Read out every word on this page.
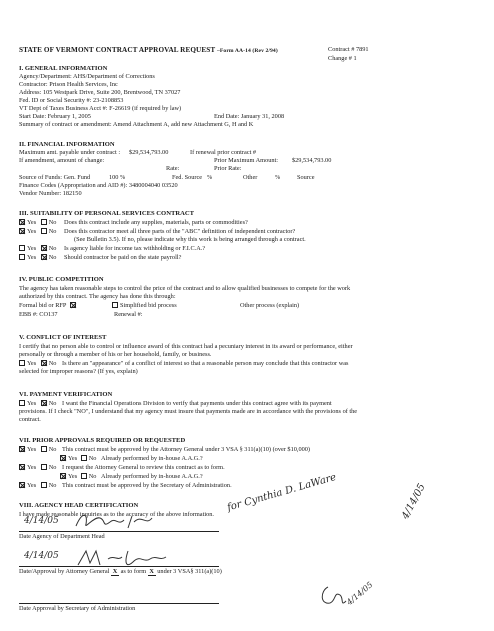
STATE OF VERMONT CONTRACT APPROVAL REQUEST –Form AA-14 (Rev 2/94)	Contract # 7891
Change # 1
I. GENERAL INFORMATION
Agency/Department: AHS/Department of Corrections
Contractor: Prison Health Services, Inc
Address: 105 Westpark Drive, Suite 200, Brentwood, TN 37027
Fed. ID or Social Security #: 23-2108853
VT Dept of Taxes Business Acct #: F-26619 (if required by law)
Start Date: February 1, 2005	End Date: January 31, 2008
Summary of contract or amendment: Amend Attachment A, add new Attachment G, H and K
II. FINANCIAL INFORMATION
Maximum amt. payable under contract : $29,534,793.00	If renewal prior contract #
If amendment, amount of change:	Prior Maximum Amount: $29,534,793.00
Rate:	Prior Rate:
Source of Funds: Gen. Fund	100 %	Fed. Source %	Other	%	Source
Finance Codes (Appropriation and AID #): 3480004040 03520
Vendor Number: 182150
III. SUITABILITY OF PERSONAL SERVICES CONTRACT
Yes No Does this contract include any supplies, materials, parts or commodities?
Yes No Does this contractor meet all three parts of the "ABC" definition of independent contractor?
(See Bulletin 3.5). If no, please indicate why this work is being arranged through a contract.
Yes No Is agency liable for income tax withholding or F.I.C.A.?
Yes No Should contractor be paid on the state payroll?
IV. PUBLIC COMPETITION
The agency has taken reasonable steps to control the price of the contract and to allow qualified businesses to compete for the work
authorized by this contract. The agency has done this through:
Formal bid or RFP	Simplified bid process	Other process (explain)
EBB #: CO137	Renewal #:
V. CONFLICT OF INTEREST
I certify that no person able to control or influence award of this contract had a pecuniary interest in its award or performance, either
personally or through a member of his or her household, family, or business.
Yes No Is there an "appearance" of a conflict of interest so that a reasonable person may conclude that this contractor was
selected for improper reasons? (If yes, explain)
VI. PAYMENT VERIFICATION
Yes No I want the Financial Operations Division to verify that payments under this contract agree with its payment
provisions. If I check "NO", I understand that my agency must insure that payments made are in accordance with the provisions of the
contract.
VII. PRIOR APPROVALS REQUIRED OR REQUESTED
Yes No This contract must be approved by the Attorney General under 3 VSA § 311(a)(10) (over $10,000)
Yes No Already performed by in-house A.A.G.?
Yes No I request the Attorney General to review this contract as to form.
Yes No Already performed by in-house A.A.G.?
Yes No This contract must be approved by the Secretary of Administration.
VIII. AGENCY HEAD CERTIFICATION
I have made reasonable inquiries as to the accuracy of the above information.
4/14/05
Date Agency of Department Head
4/14/05
Date/Approval by Attorney General X as to form X under 3 VSA§ 311(a)(10)
Date Approval by Secretary of Administration
for Cynthia D. LaWare	4/14/05
4/14/05
